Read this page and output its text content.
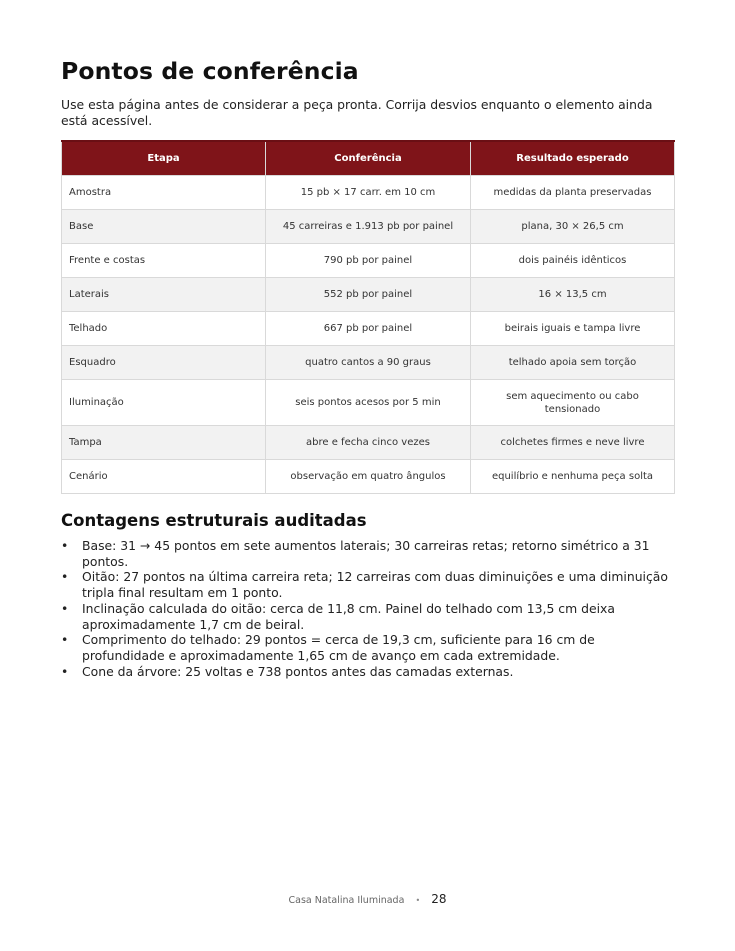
Pontos de conferência

Use esta página antes de considerar a peça pronta. Corrija desvios enquanto o elemento ainda está acessível.

Etapa	Conferência	Resultado esperado
Amostra	15 pb × 17 carr. em 10 cm	medidas da planta preservadas
Base	45 carreiras e 1.913 pb por painel	plana, 30 × 26,5 cm
Frente e costas	790 pb por painel	dois painéis idênticos
Laterais	552 pb por painel	16 × 13,5 cm
Telhado	667 pb por painel	beirais iguais e tampa livre
Esquadro	quatro cantos a 90 graus	telhado apoia sem torção
Iluminação	seis pontos acesos por 5 min	sem aquecimento ou cabo tensionado
Tampa	abre e fecha cinco vezes	colchetes firmes e neve livre
Cenário	observação em quatro ângulos	equilíbrio e nenhuma peça solta
Contagens estruturais auditadas
• Base: 31 → 45 pontos em sete aumentos laterais; 30 carreiras retas; retorno simétrico a 31 pontos.
• Oitão: 27 pontos na última carreira reta; 12 carreiras com duas diminuições e uma diminuição tripla final resultam em 1 ponto.
• Inclinação calculada do oitão: cerca de 11,8 cm. Painel do telhado com 13,5 cm deixa aproximadamente 1,7 cm de beiral.
• Comprimento do telhado: 29 pontos = cerca de 19,3 cm, suficiente para 16 cm de profundidade e aproximadamente 1,65 cm de avanço em cada extremidade.
• Cone da árvore: 25 voltas e 738 pontos antes das camadas externas.
Casa Natalina Iluminada • 28
